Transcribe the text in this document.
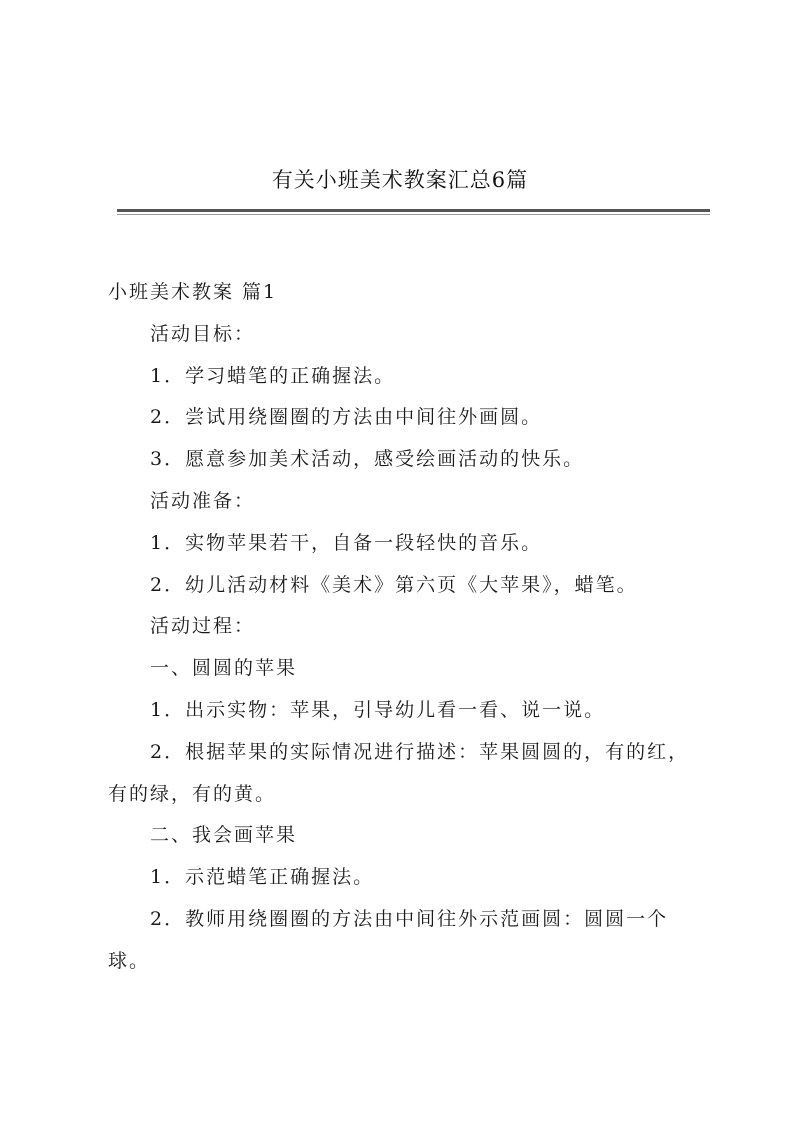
有关小班美术教案汇总6篇

小班美术教案 篇1

活动目标：

1．学习蜡笔的正确握法。

2．尝试用绕圈圈的方法由中间往外画圆。

3．愿意参加美术活动，感受绘画活动的快乐。

活动准备：

1．实物苹果若干，自备一段轻快的音乐。

2．幼儿活动材料《美术》第六页《大苹果》，蜡笔。

活动过程：

一、圆圆的苹果

1．出示实物：苹果，引导幼儿看一看、说一说。

2．根据苹果的实际情况进行描述：苹果圆圆的，有的红，有的绿，有的黄。

二、我会画苹果

1．示范蜡笔正确握法。

2．教师用绕圈圈的方法由中间往外示范画圆：圆圆一个球。
